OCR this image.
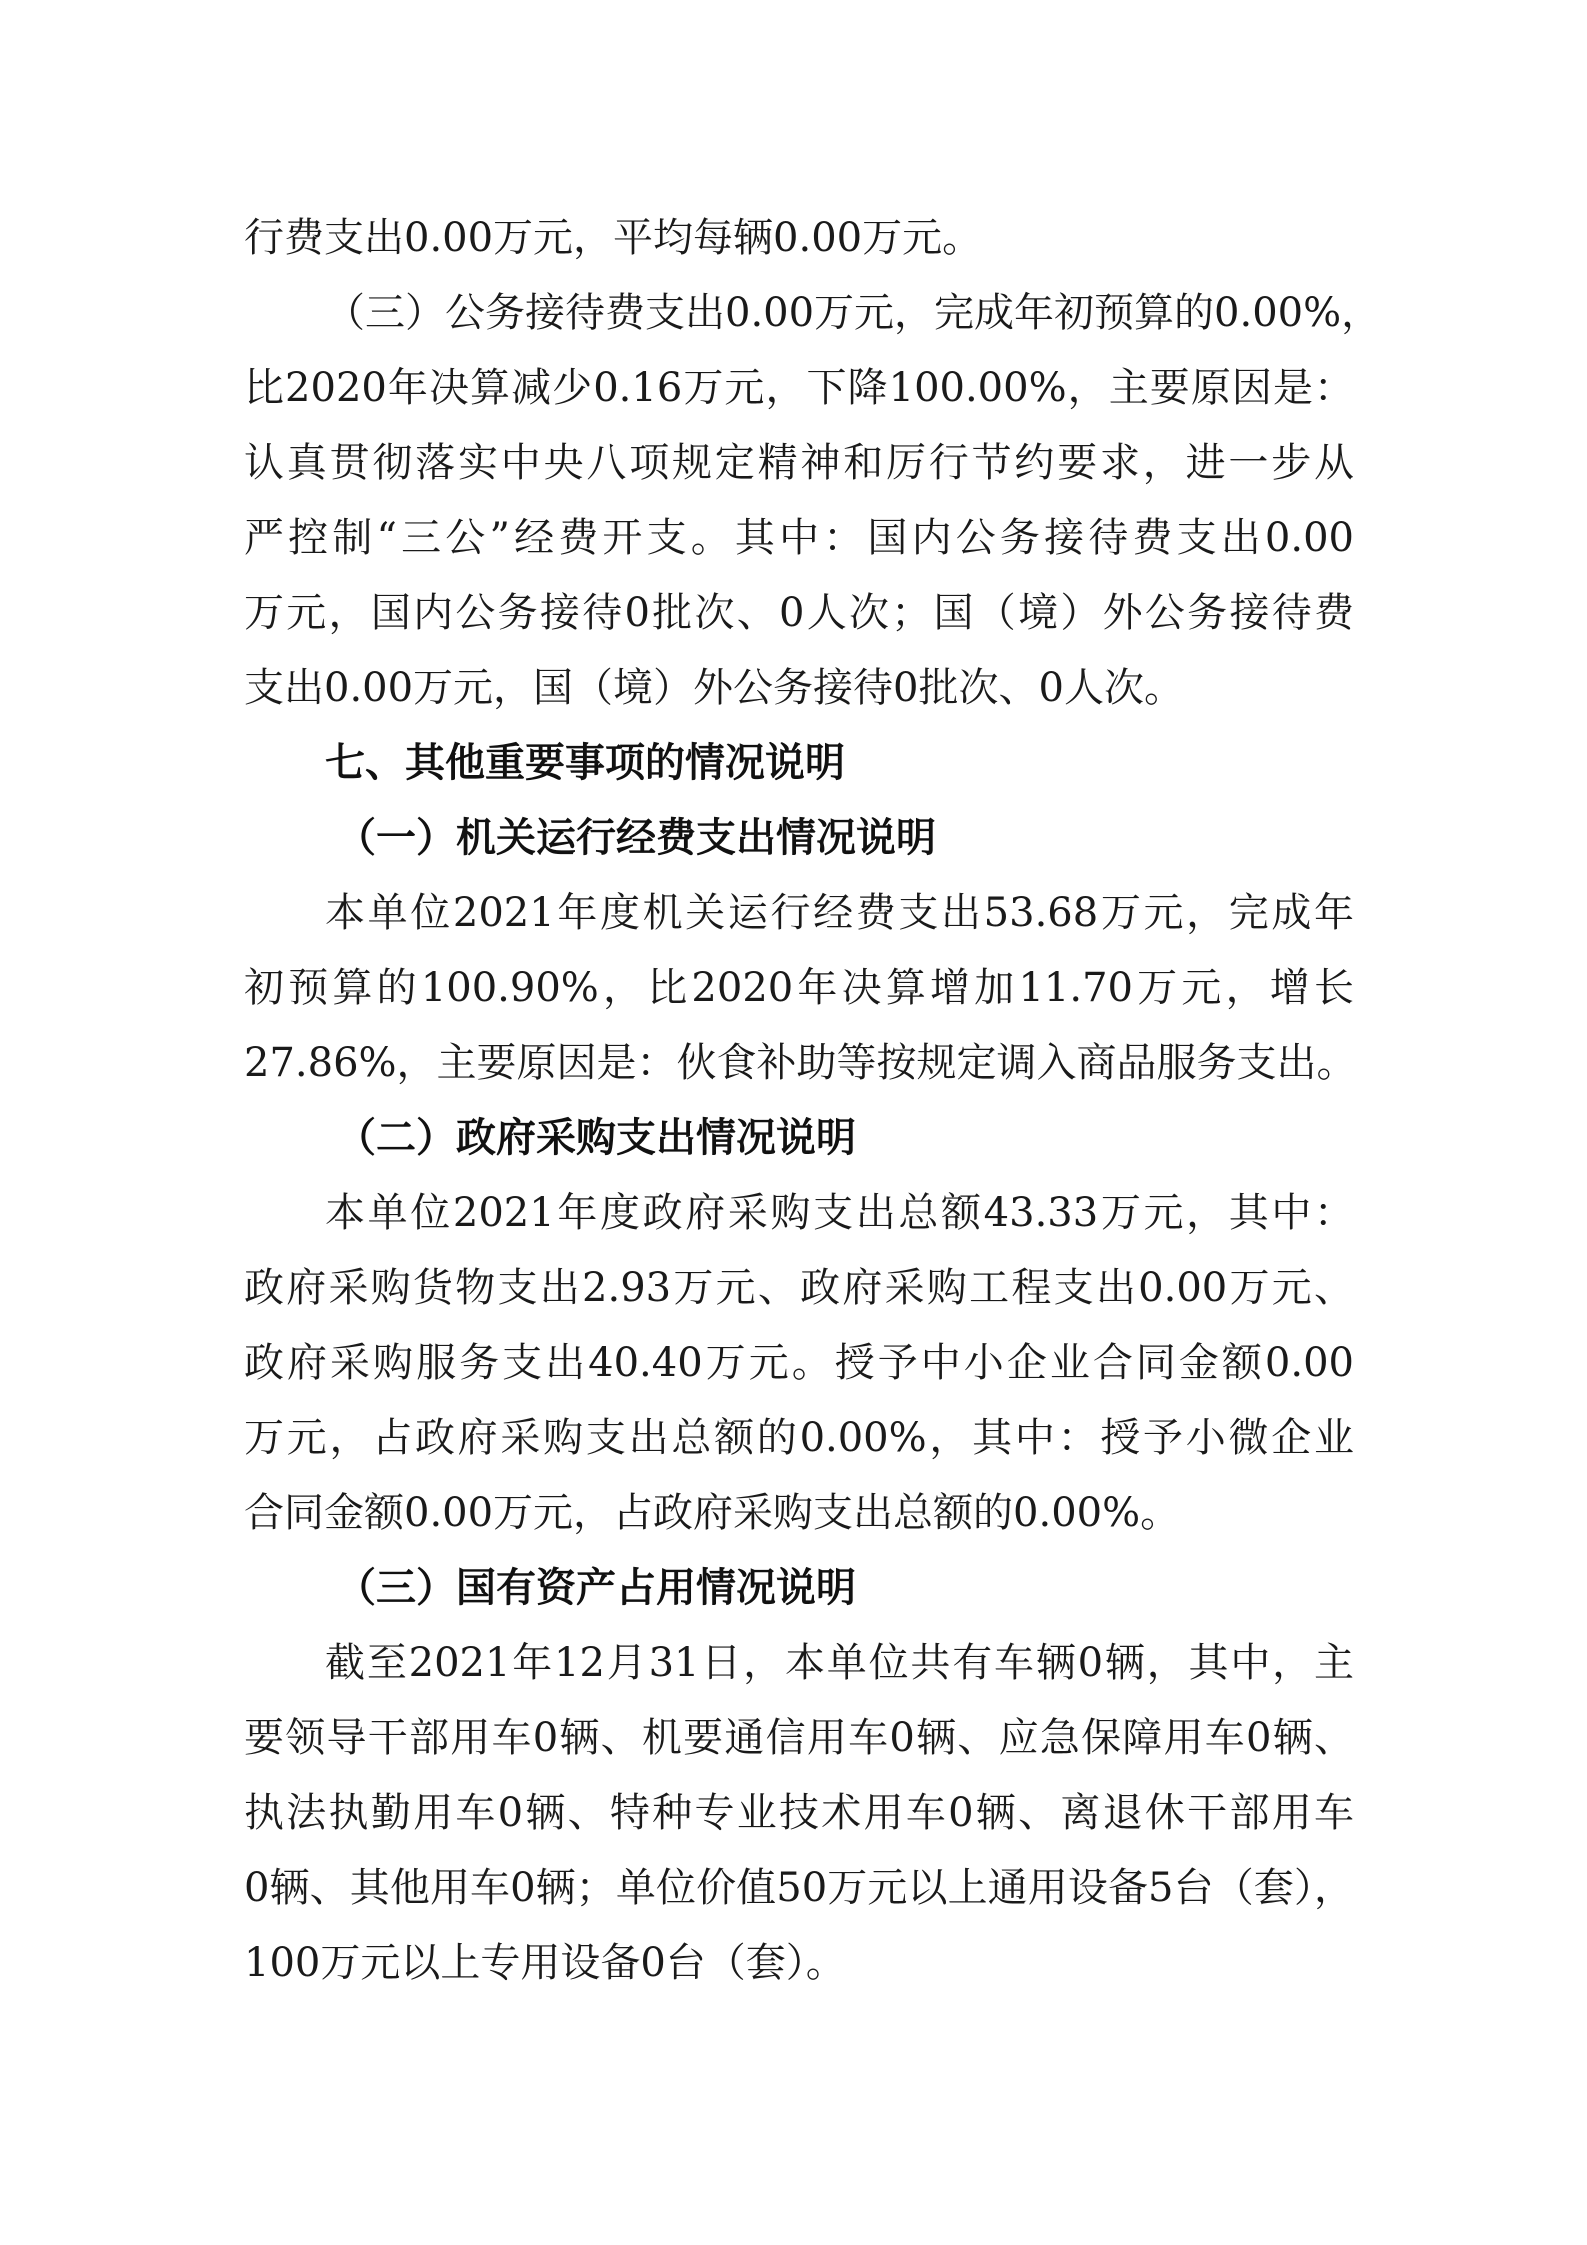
行费支出0.00万元，平均每辆0.00万元。
（三）公务接待费支出0.00万元，完成年初预算的0.00%，
比2020年决算减少0.16万元，下降100.00%，主要原因是：
认真贯彻落实中央八项规定精神和厉行节约要求，进一步从
严控制“三公”经费开支。其中：国内公务接待费支出0.00
万元，国内公务接待0批次、0人次；国（境）外公务接待费
支出0.00万元，国（境）外公务接待0批次、0人次。
七、其他重要事项的情况说明
（一）机关运行经费支出情况说明
本单位2021年度机关运行经费支出53.68万元，完成年
初预算的100.90%，比2020年决算增加11.70万元，增长
27.86%，主要原因是：伙食补助等按规定调入商品服务支出。
（二）政府采购支出情况说明
本单位2021年度政府采购支出总额43.33万元，其中：
政府采购货物支出2.93万元、政府采购工程支出0.00万元、
政府采购服务支出40.40万元。授予中小企业合同金额0.00
万元，占政府采购支出总额的0.00%，其中：授予小微企业
合同金额0.00万元，占政府采购支出总额的0.00%。
（三）国有资产占用情况说明
截至2021年12月31日，本单位共有车辆0辆，其中，主
要领导干部用车0辆、机要通信用车0辆、应急保障用车0辆、
执法执勤用车0辆、特种专业技术用车0辆、离退休干部用车
0辆、其他用车0辆；单位价值50万元以上通用设备5台（套），
100万元以上专用设备0台（套）。
